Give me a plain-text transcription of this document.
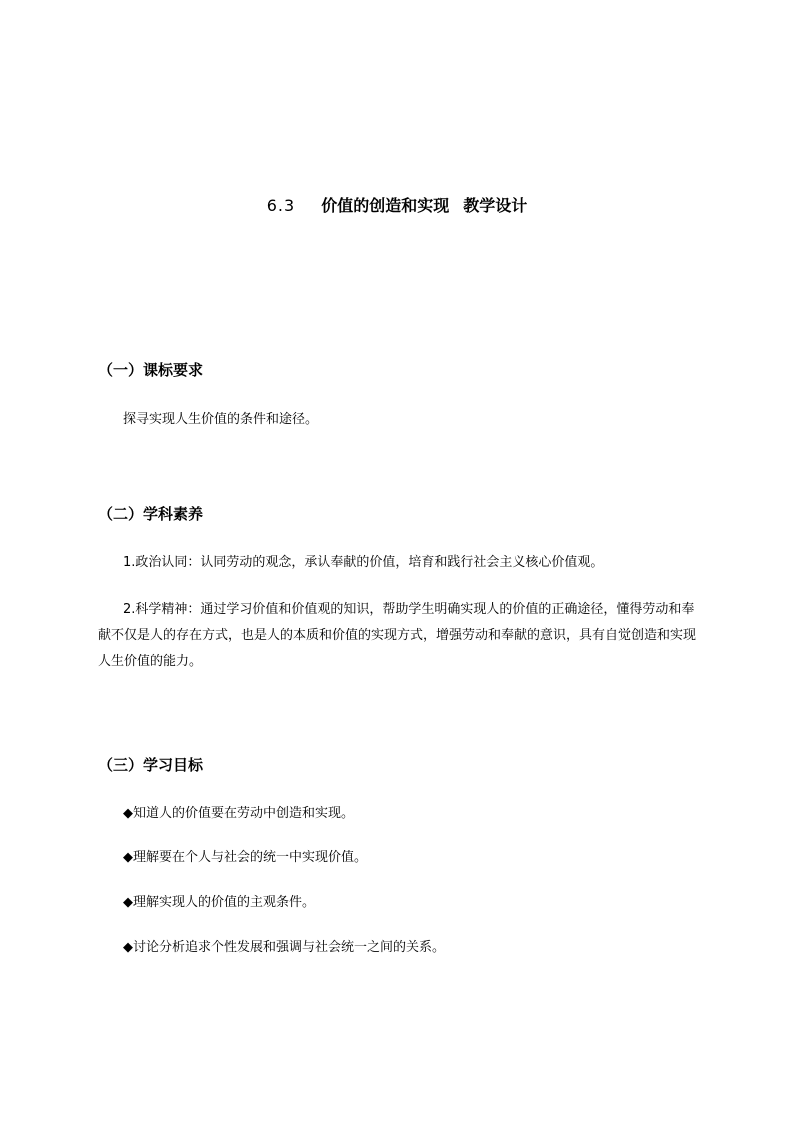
6.3 价值的创造和实现 教学设计
（一）课标要求

探寻实现人生价值的条件和途径。

（二）学科素养

1.政治认同：认同劳动的观念，承认奉献的价值，培育和践行社会主义核心价值观。

2.科学精神：通过学习价值和价值观的知识，帮助学生明确实现人的价值的正确途径，懂得劳动和奉献不仅是人的存在方式，也是人的本质和价值的实现方式，增强劳动和奉献的意识，具有自觉创造和实现人生价值的能力。

（三）学习目标
◆知道人的价值要在劳动中创造和实现。
◆理解要在个人与社会的统一中实现价值。
◆理解实现人的价值的主观条件。
◆讨论分析追求个性发展和强调与社会统一之间的关系。
